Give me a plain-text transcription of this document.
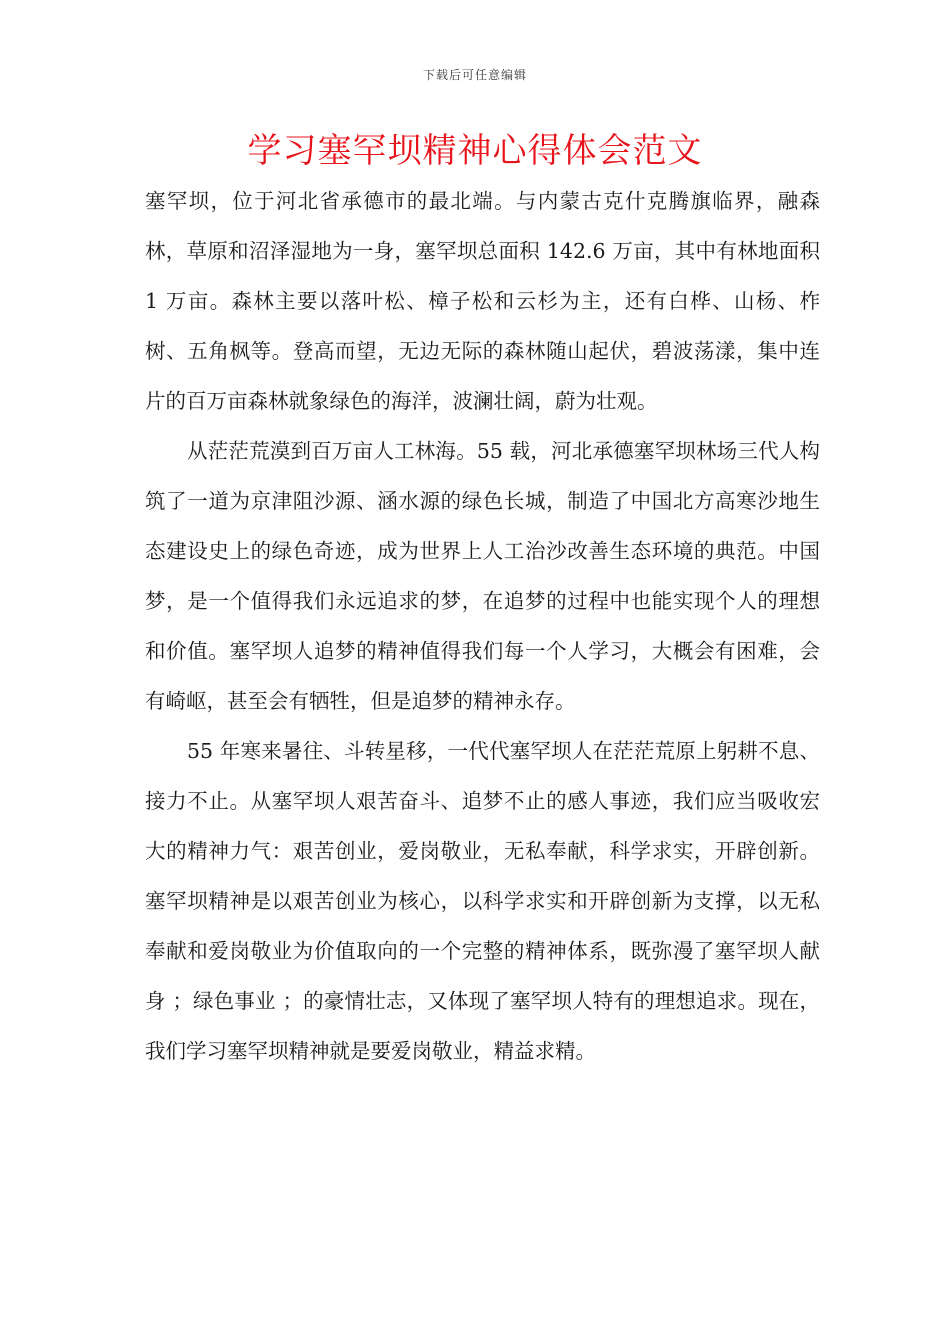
下载后可任意编辑
学习塞罕坝精神心得体会范文

塞罕坝，位于河北省承德市的最北端。与内蒙古克什克腾旗临界，融森林，草原和沼泽湿地为一身，塞罕坝总面积 142.6 万亩，其中有林地面积 1 万亩。森林主要以落叶松、樟子松和云杉为主，还有白桦、山杨、柞树、五角枫等。登高而望，无边无际的森林随山起伏，碧波荡漾，集中连片的百万亩森林就象绿色的海洋，波澜壮阔，蔚为壮观。

从茫茫荒漠到百万亩人工林海。55 载，河北承德塞罕坝林场三代人构筑了一道为京津阻沙源、涵水源的绿色长城，制造了中国北方高寒沙地生态建设史上的绿色奇迹，成为世界上人工治沙改善生态环境的典范。中国梦，是一个值得我们永远追求的梦，在追梦的过程中也能实现个人的理想和价值。塞罕坝人追梦的精神值得我们每一个人学习，大概会有困难，会有崎岖，甚至会有牺牲，但是追梦的精神永存。

55 年寒来暑往、斗转星移，一代代塞罕坝人在茫茫荒原上躬耕不息、接力不止。从塞罕坝人艰苦奋斗、追梦不止的感人事迹，我们应当吸收宏大的精神力气：艰苦创业，爱岗敬业，无私奉献，科学求实，开辟创新。塞罕坝精神是以艰苦创业为核心，以科学求实和开辟创新为支撑，以无私奉献和爱岗敬业为价值取向的一个完整的精神体系，既弥漫了塞罕坝人献身 ；绿色事业 ；的豪情壮志，又体现了塞罕坝人特有的理想追求。现在，我们学习塞罕坝精神就是要爱岗敬业，精益求精。
